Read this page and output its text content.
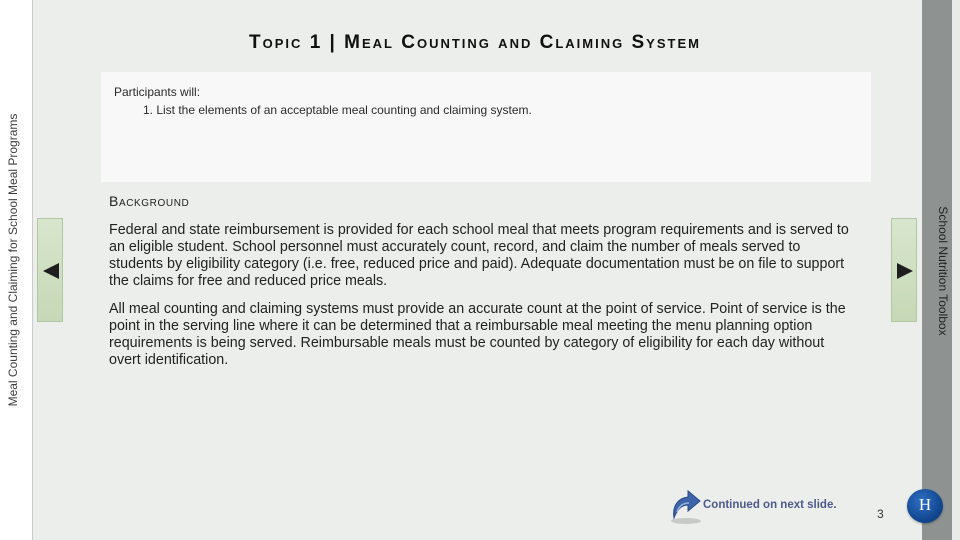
Meal Counting and Claiming for School Meal Programs	School Nutrition Toolbox
Topic 1 | Meal Counting and Claiming System
Participants will:
1. List the elements of an acceptable meal counting and claiming system.
Background

Federal and state reimbursement is provided for each school meal that meets program requirements and is served to an eligible student. School personnel must accurately count, record, and claim the number of meals served to students by eligibility category (i.e. free, reduced price and paid). Adequate documentation must be on file to support the claims for free and reduced price meals.

All meal counting and claiming systems must provide an accurate count at the point of service. Point of service is the point in the serving line where it can be determined that a reimbursable meal meeting the menu planning option requirements is being served. Reimbursable meals must be counted by category of eligibility for each day without overt identification.

Continued on next slide.
3	H
